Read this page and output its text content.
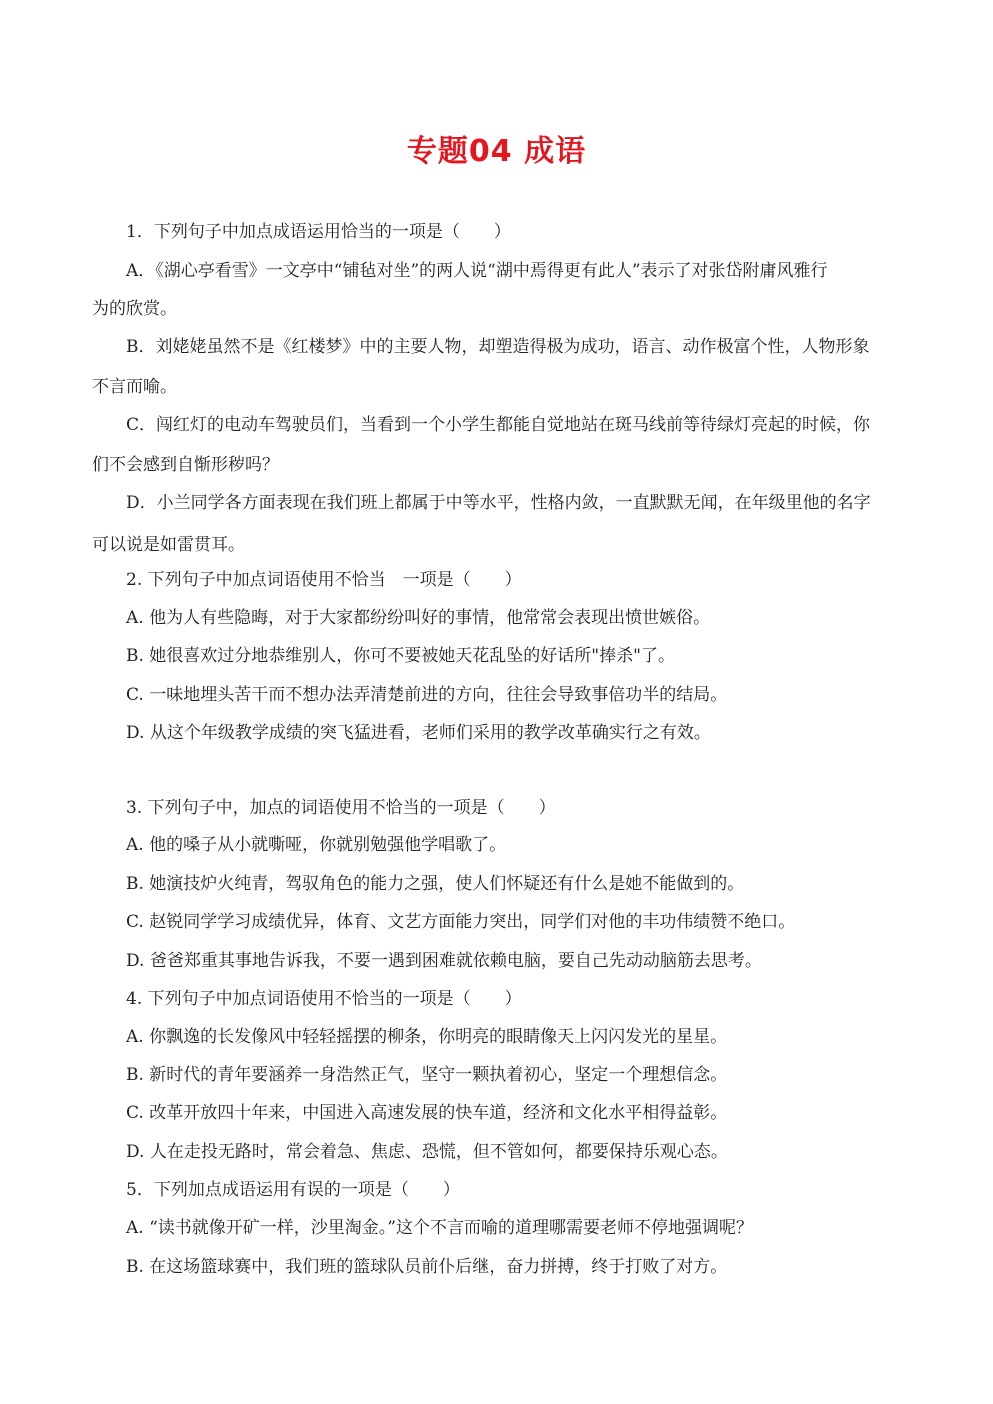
专题04 成语
1．下列句子中加点成语运用恰当的一项是（　　）
A．《湖心亭看雪》一文亭中“铺毡对坐”的两人说“湖中焉得更有此人”表示了对张岱附庸风雅行
为的欣赏。
B．刘姥姥虽然不是《红楼梦》中的主要人物，却塑造得极为成功，语言、动作极富个性，人物形象
不言而喻。
C．闯红灯的电动车驾驶员们，当看到一个小学生都能自觉地站在斑马线前等待绿灯亮起的时候，你
们不会感到自惭形秽吗？
D．小兰同学各方面表现在我们班上都属于中等水平，性格内敛，一直默默无闻，在年级里他的名字
可以说是如雷贯耳。
2. 下列句子中加点词语使用不恰当　一项是（　　）
A. 他为人有些隐晦，对于大家都纷纷叫好的事情，他常常会表现出愤世嫉俗。
B. 她很喜欢过分地恭维别人，你可不要被她天花乱坠的好话所"捧杀"了。
C. 一味地埋头苦干而不想办法弄清楚前进的方向，往往会导致事倍功半的结局。
D. 从这个年级教学成绩的突飞猛进看，老师们采用的教学改革确实行之有效。
3. 下列句子中，加点的词语使用不恰当的一项是（　　）
A. 他的嗓子从小就嘶哑，你就别勉强他学唱歌了。
B. 她演技炉火纯青，驾驭角色的能力之强，使人们怀疑还有什么是她不能做到的。
C. 赵锐同学学习成绩优异，体育、文艺方面能力突出，同学们对他的丰功伟绩赞不绝口。
D. 爸爸郑重其事地告诉我，不要一遇到困难就依赖电脑，要自己先动动脑筋去思考。
4. 下列句子中加点词语使用不恰当的一项是（　　）
A. 你飘逸的长发像风中轻轻摇摆的柳条，你明亮的眼睛像天上闪闪发光的星星。
B. 新时代的青年要涵养一身浩然正气，坚守一颗执着初心，坚定一个理想信念。
C. 改革开放四十年来，中国进入高速发展的快车道，经济和文化水平相得益彰。
D. 人在走投无路时，常会着急、焦虑、恐慌，但不管如何，都要保持乐观心态。
5．下列加点成语运用有误的一项是（　　）
A. “读书就像开矿一样，沙里淘金。”这个不言而喻的道理哪需要老师不停地强调呢？
B. 在这场篮球赛中，我们班的篮球队员前仆后继，奋力拼搏，终于打败了对方。
